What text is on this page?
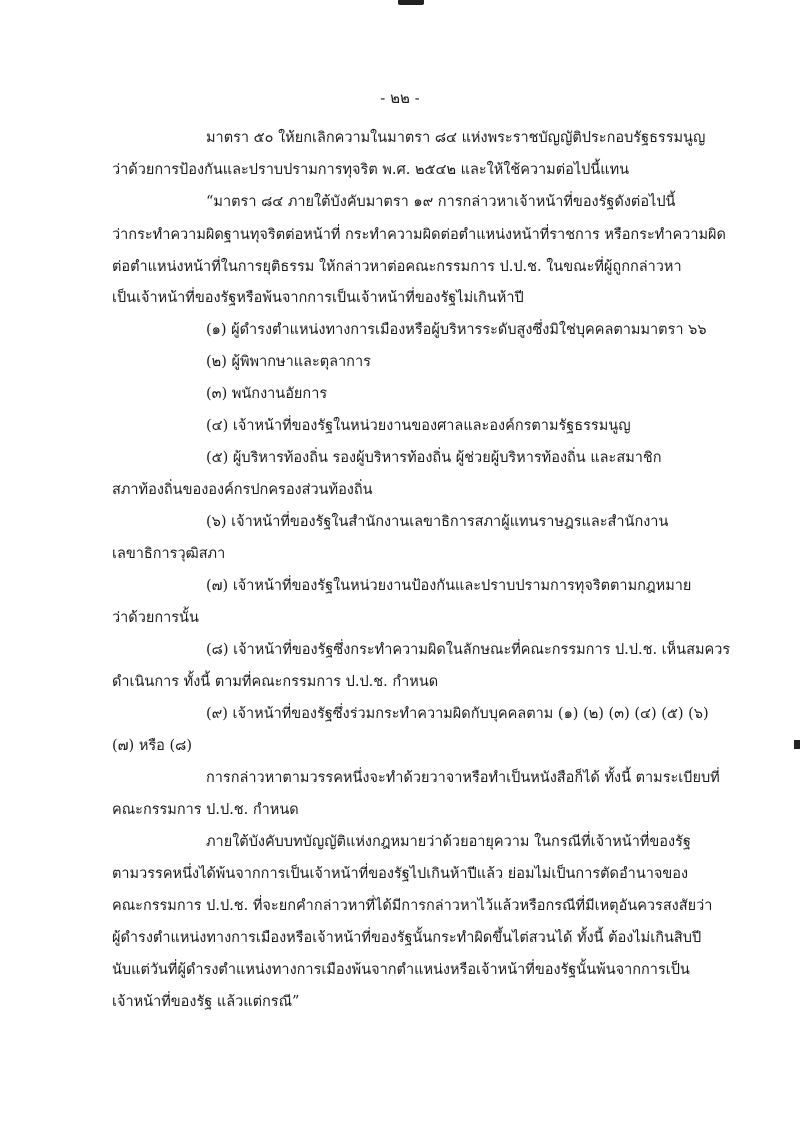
- ๒๒ -
มาตรา ๕๐ ให้ยกเลิกความในมาตรา ๘๔ แห่งพระราชบัญญัติประกอบรัฐธรรมนูญ
ว่าด้วยการป้องกันและปราบปรามการทุจริต พ.ศ. ๒๕๔๒ และให้ใช้ความต่อไปนี้แทน
“มาตรา ๘๔ ภายใต้บังคับมาตรา ๑๙ การกล่าวหาเจ้าหน้าที่ของรัฐดังต่อไปนี้
ว่ากระทำความผิดฐานทุจริตต่อหน้าที่ กระทำความผิดต่อตำแหน่งหน้าที่ราชการ หรือกระทำความผิด
ต่อตำแหน่งหน้าที่ในการยุติธรรม ให้กล่าวหาต่อคณะกรรมการ ป.ป.ช. ในขณะที่ผู้ถูกกล่าวหา
เป็นเจ้าหน้าที่ของรัฐหรือพ้นจากการเป็นเจ้าหน้าที่ของรัฐไม่เกินห้าปี
(๑) ผู้ดำรงตำแหน่งทางการเมืองหรือผู้บริหารระดับสูงซึ่งมิใช่บุคคลตามมาตรา ๖๖
(๒) ผู้พิพากษาและตุลาการ
(๓) พนักงานอัยการ
(๔) เจ้าหน้าที่ของรัฐในหน่วยงานของศาลและองค์กรตามรัฐธรรมนูญ
(๕) ผู้บริหารท้องถิ่น รองผู้บริหารท้องถิ่น ผู้ช่วยผู้บริหารท้องถิ่น และสมาชิก
สภาท้องถิ่นขององค์กรปกครองส่วนท้องถิ่น
(๖) เจ้าหน้าที่ของรัฐในสำนักงานเลขาธิการสภาผู้แทนราษฎรและสำนักงาน
เลขาธิการวุฒิสภา
(๗) เจ้าหน้าที่ของรัฐในหน่วยงานป้องกันและปราบปรามการทุจริตตามกฎหมาย
ว่าด้วยการนั้น
(๘) เจ้าหน้าที่ของรัฐซึ่งกระทำความผิดในลักษณะที่คณะกรรมการ ป.ป.ช. เห็นสมควร
ดำเนินการ ทั้งนี้ ตามที่คณะกรรมการ ป.ป.ช. กำหนด
(๙) เจ้าหน้าที่ของรัฐซึ่งร่วมกระทำความผิดกับบุคคลตาม (๑) (๒) (๓) (๔) (๕) (๖)
(๗) หรือ (๘)
การกล่าวหาตามวรรคหนึ่งจะทำด้วยวาจาหรือทำเป็นหนังสือก็ได้ ทั้งนี้ ตามระเบียบที่
คณะกรรมการ ป.ป.ช. กำหนด
ภายใต้บังคับบทบัญญัติแห่งกฎหมายว่าด้วยอายุความ ในกรณีที่เจ้าหน้าที่ของรัฐ
ตามวรรคหนึ่งได้พ้นจากการเป็นเจ้าหน้าที่ของรัฐไปเกินห้าปีแล้ว ย่อมไม่เป็นการตัดอำนาจของ
คณะกรรมการ ป.ป.ช. ที่จะยกคำกล่าวหาที่ได้มีการกล่าวหาไว้แล้วหรือกรณีที่มีเหตุอันควรสงสัยว่า
ผู้ดำรงตำแหน่งทางการเมืองหรือเจ้าหน้าที่ของรัฐนั้นกระทำผิดขึ้นไต่สวนได้ ทั้งนี้ ต้องไม่เกินสิบปี
นับแต่วันที่ผู้ดำรงตำแหน่งทางการเมืองพ้นจากตำแหน่งหรือเจ้าหน้าที่ของรัฐนั้นพ้นจากการเป็น
เจ้าหน้าที่ของรัฐ แล้วแต่กรณี”
